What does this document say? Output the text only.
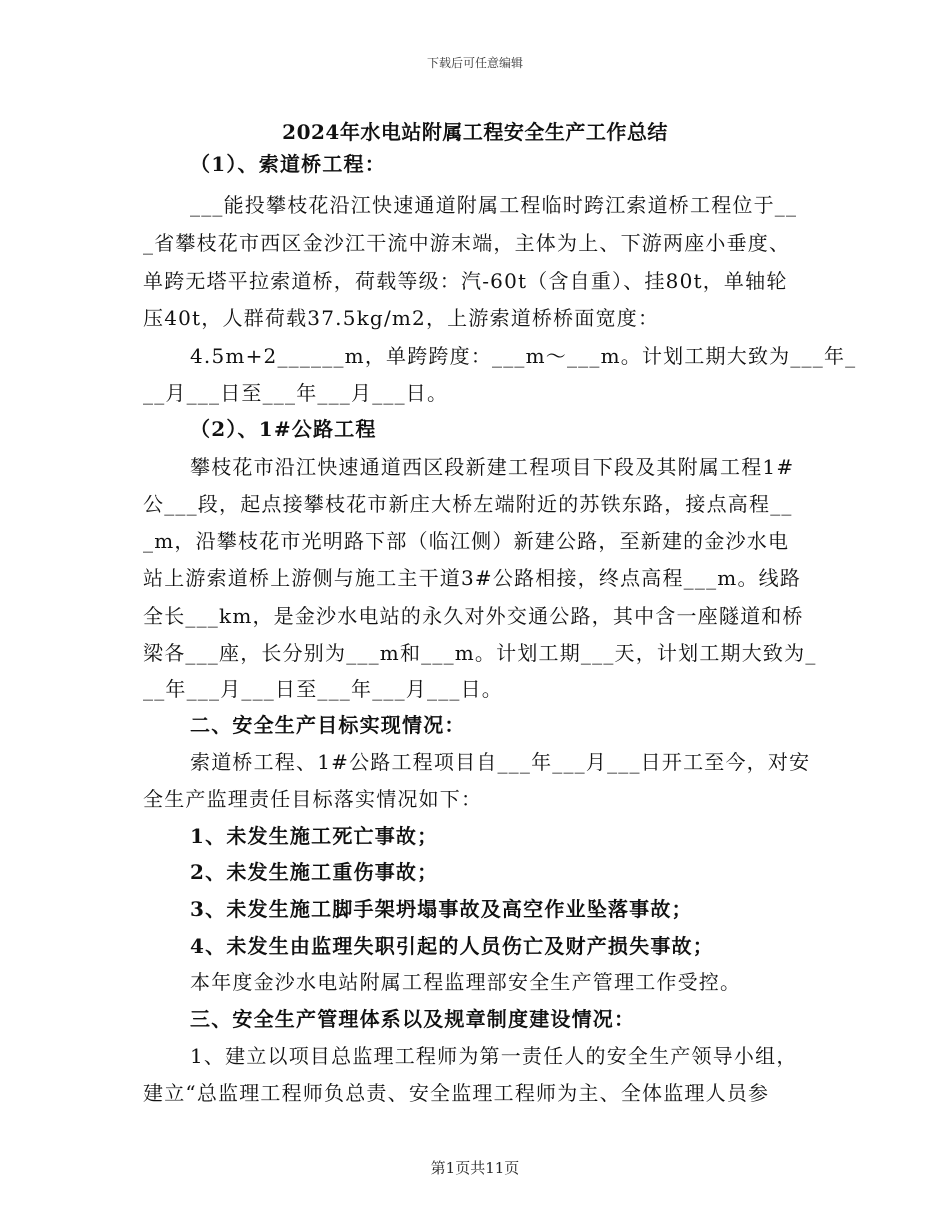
下载后可任意编辑
2024年水电站附属工程安全生产工作总结
（1）、索道桥工程：
___能投攀枝花沿江快速通道附属工程临时跨江索道桥工程位于__
_省攀枝花市西区金沙江干流中游末端，主体为上、下游两座小垂度、
单跨无塔平拉索道桥，荷载等级：汽-60t（含自重）、挂80t，单轴轮
压40t，人群荷载37.5kg/m2，上游索道桥桥面宽度：
4.5m+2______m，单跨跨度：___m～___m。计划工期大致为___年_
__月___日至___年___月___日。
（2）、1#公路工程
攀枝花市沿江快速通道西区段新建工程项目下段及其附属工程1#
公___段，起点接攀枝花市新庄大桥左端附近的苏铁东路，接点高程__
_m，沿攀枝花市光明路下部（临江侧）新建公路，至新建的金沙水电
站上游索道桥上游侧与施工主干道3#公路相接，终点高程___m。线路
全长___km，是金沙水电站的永久对外交通公路，其中含一座隧道和桥
梁各___座，长分别为___m和___m。计划工期___天，计划工期大致为_
__年___月___日至___年___月___日。
二、安全生产目标实现情况：
索道桥工程、1#公路工程项目自___年___月___日开工至今，对安
全生产监理责任目标落实情况如下：
1、未发生施工死亡事故；
2、未发生施工重伤事故；
3、未发生施工脚手架坍塌事故及高空作业坠落事故；
4、未发生由监理失职引起的人员伤亡及财产损失事故；
本年度金沙水电站附属工程监理部安全生产管理工作受控。
三、安全生产管理体系以及规章制度建设情况：
1、建立以项目总监理工程师为第一责任人的安全生产领导小组，
建立“总监理工程师负总责、安全监理工程师为主、全体监理人员参
第1页共11页
